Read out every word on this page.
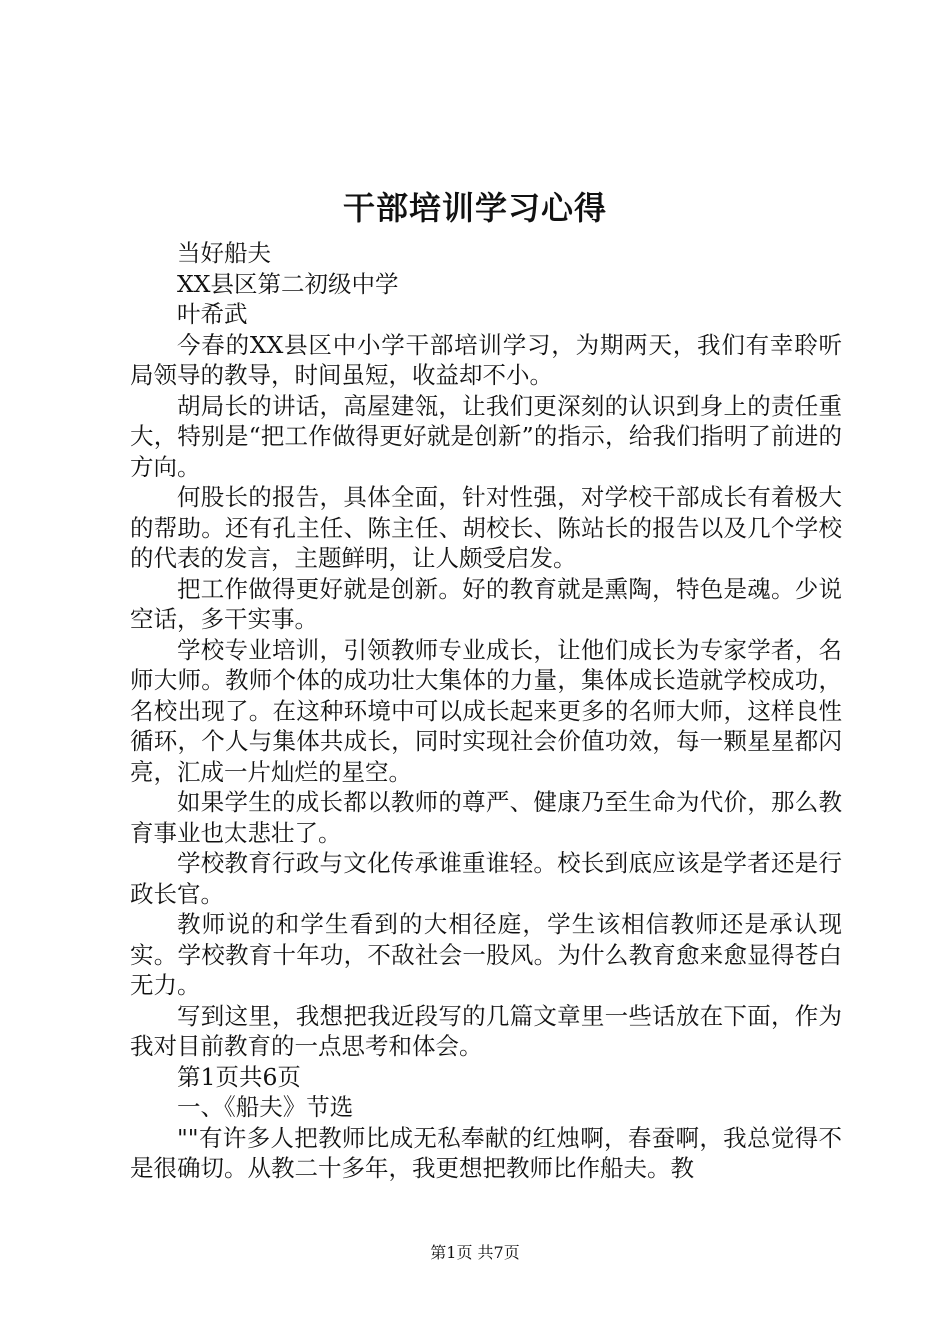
干部培训学习心得

当好船夫

XX县区第二初级中学

叶希武

今春的XX县区中小学干部培训学习，为期两天，我们有幸聆听局领导的教导，时间虽短，收益却不小。

胡局长的讲话，高屋建瓴，让我们更深刻的认识到身上的责任重大，特别是“把工作做得更好就是创新”的指示，给我们指明了前进的方向。

何股长的报告，具体全面，针对性强，对学校干部成长有着极大的帮助。还有孔主任、陈主任、胡校长、陈站长的报告以及几个学校的代表的发言，主题鲜明，让人颇受启发。

把工作做得更好就是创新。好的教育就是熏陶，特色是魂。少说空话，多干实事。

学校专业培训，引领教师专业成长，让他们成长为专家学者，名师大师。教师个体的成功壮大集体的力量，集体成长造就学校成功，名校出现了。在这种环境中可以成长起来更多的名师大师，这样良性循环，个人与集体共成长，同时实现社会价值功效，每一颗星星都闪亮，汇成一片灿烂的星空。

如果学生的成长都以教师的尊严、健康乃至生命为代价，那么教育事业也太悲壮了。

学校教育行政与文化传承谁重谁轻。校长到底应该是学者还是行政长官。

教师说的和学生看到的大相径庭，学生该相信教师还是承认现实。学校教育十年功，不敌社会一股风。为什么教育愈来愈显得苍白无力。

写到这里，我想把我近段写的几篇文章里一些话放在下面，作为我对目前教育的一点思考和体会。

第1页共6页

一、《船夫》节选

""有许多人把教师比成无私奉献的红烛啊，春蚕啊，我总觉得不是很确切。从教二十多年，我更想把教师比作船夫。教

第1页 共7页
